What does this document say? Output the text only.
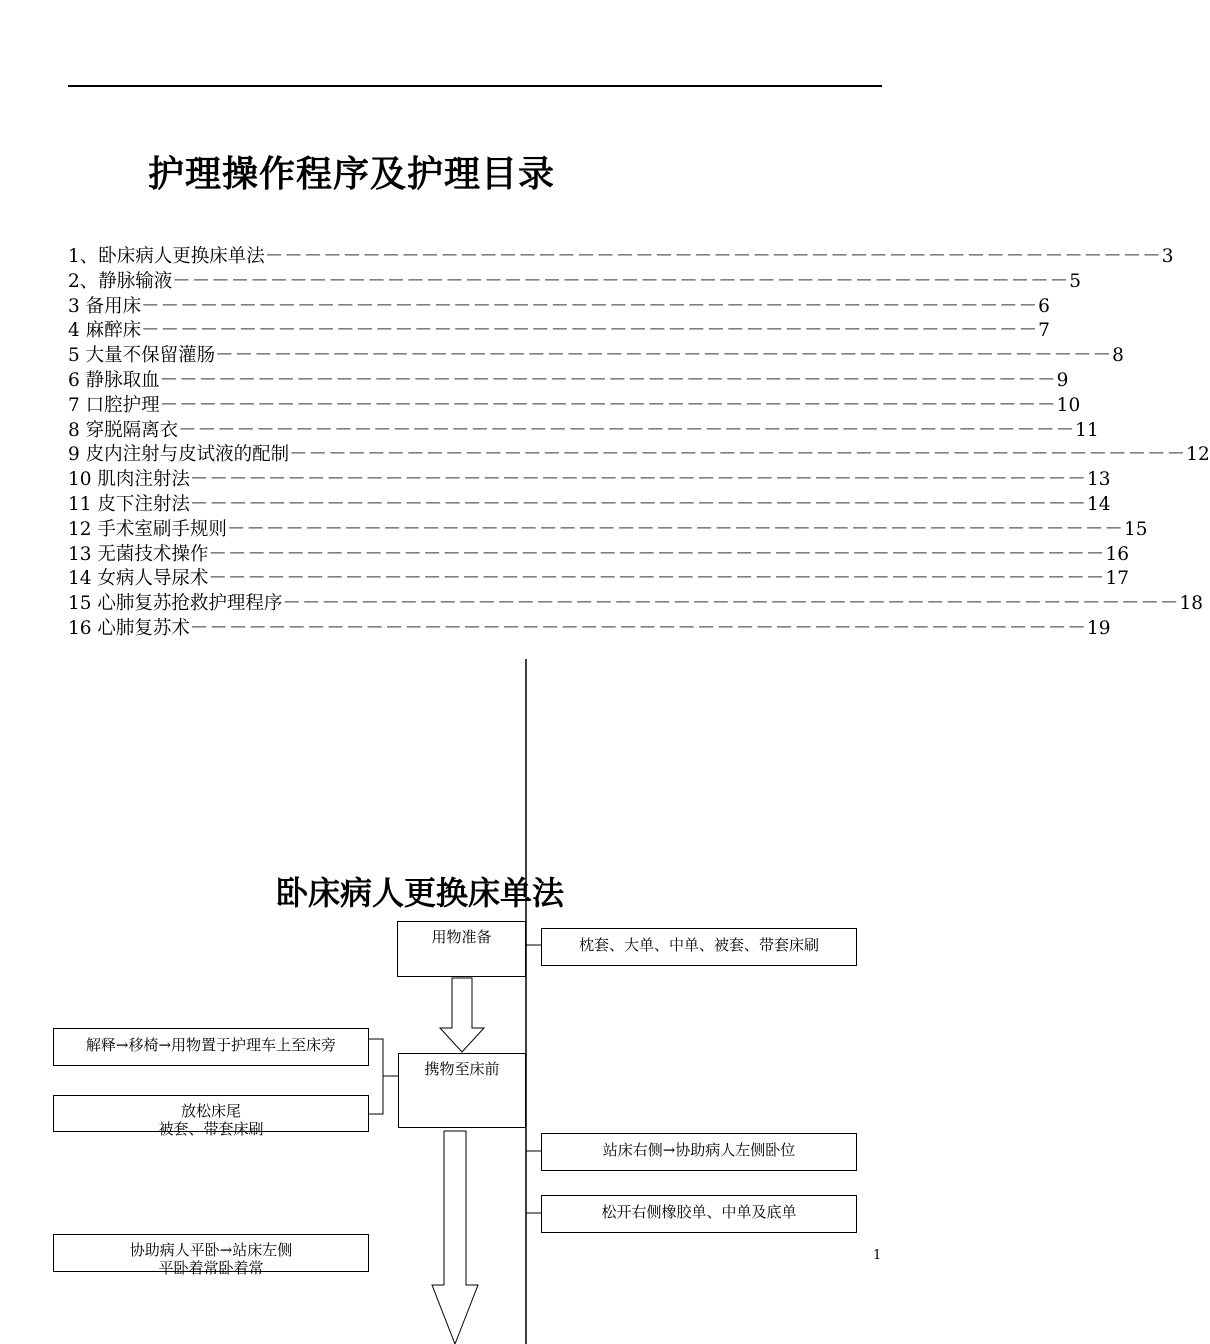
护理操作程序及护理目录
1、卧床病人更换床单法 －－－－－－－－－－－－－－－－－－－－－－－－－－－－－－－－－－－－－－－－－－－－－－ 3
2、静脉输液 －－－－－－－－－－－－－－－－－－－－－－－－－－－－－－－－－－－－－－－－－－－－－－ 5
3 备用床 －－－－－－－－－－－－－－－－－－－－－－－－－－－－－－－－－－－－－－－－－－－－－－ 6
4 麻醉床 －－－－－－－－－－－－－－－－－－－－－－－－－－－－－－－－－－－－－－－－－－－－－－ 7
5 大量不保留灌肠 －－－－－－－－－－－－－－－－－－－－－－－－－－－－－－－－－－－－－－－－－－－－－－ 8
6 静脉取血 －－－－－－－－－－－－－－－－－－－－－－－－－－－－－－－－－－－－－－－－－－－－－－ 9
7 口腔护理 －－－－－－－－－－－－－－－－－－－－－－－－－－－－－－－－－－－－－－－－－－－－－－ 10
8 穿脱隔离衣 －－－－－－－－－－－－－－－－－－－－－－－－－－－－－－－－－－－－－－－－－－－－－－ 11
9 皮内注射与皮试液的配制 －－－－－－－－－－－－－－－－－－－－－－－－－－－－－－－－－－－－－－－－－－－－－－ 12
10 肌肉注射法 －－－－－－－－－－－－－－－－－－－－－－－－－－－－－－－－－－－－－－－－－－－－－－ 13
11 皮下注射法 －－－－－－－－－－－－－－－－－－－－－－－－－－－－－－－－－－－－－－－－－－－－－－ 14
12 手术室刷手规则 －－－－－－－－－－－－－－－－－－－－－－－－－－－－－－－－－－－－－－－－－－－－－－ 15
13 无菌技术操作 －－－－－－－－－－－－－－－－－－－－－－－－－－－－－－－－－－－－－－－－－－－－－－ 16
14 女病人导尿术 －－－－－－－－－－－－－－－－－－－－－－－－－－－－－－－－－－－－－－－－－－－－－－ 17
15 心肺复苏抢救护理程序 －－－－－－－－－－－－－－－－－－－－－－－－－－－－－－－－－－－－－－－－－－－－－－ 18
16 心肺复苏术 －－－－－－－－－－－－－－－－－－－－－－－－－－－－－－－－－－－－－－－－－－－－－－ 19
卧床病人更换床单法
用物准备	枕套、大单、中单、被套、带套床刷
解释→移椅→用物置于护理车上至床旁
携物至床前
放松床尾
被套、带套床刷
站床右侧→协助病人左侧卧位
松开右侧橡胶单、中单及底单
协助病人平卧→站床左侧
平卧着常卧着常
1
